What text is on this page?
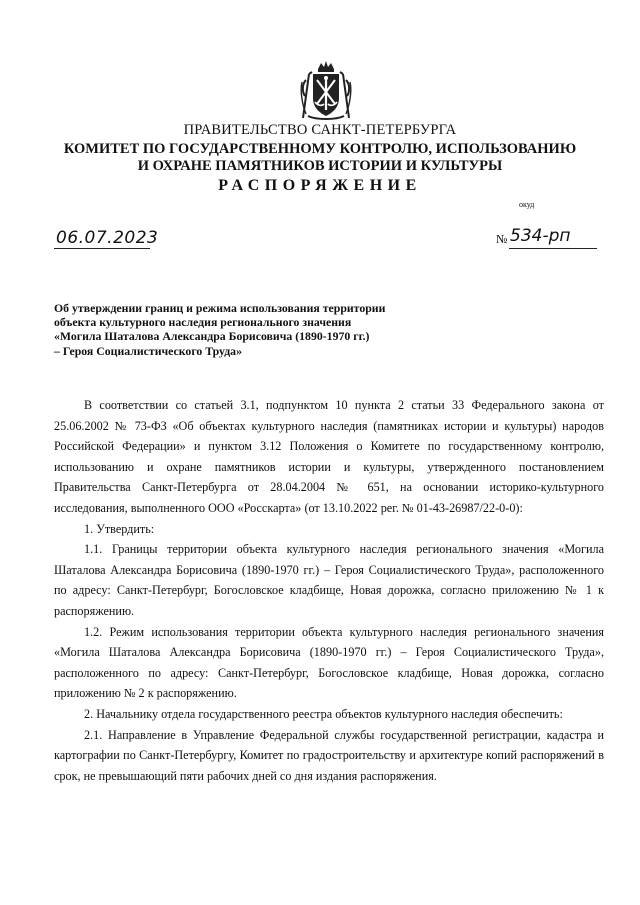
ПРАВИТЕЛЬСТВО САНКТ-ПЕТЕРБУРГА
КОМИТЕТ ПО ГОСУДАРСТВЕННОМУ КОНТРОЛЮ, ИСПОЛЬЗОВАНИЮ
И ОХРАНЕ ПАМЯТНИКОВ ИСТОРИИ И КУЛЬТУРЫ
РАСПОРЯЖЕНИЕ
окуд
06.07.2023	№ 534-рп
Об утверждении границ и режима использования территории
объекта культурного наследия регионального значения
«Могила Шаталова Александра Борисовича (1890-1970 гг.)
– Героя Социалистического Труда»
В соответствии со статьей 3.1, подпунктом 10 пункта 2 статьи 33 Федерального закона от 25.06.2002 № 73-ФЗ «Об объектах культурного наследия (памятниках истории и культуры) народов Российской Федерации» и пунктом 3.12 Положения о Комитете по государственному контролю, использованию и охране памятников истории и культуры, утвержденного постановлением Правительства Санкт-Петербурга от 28.04.2004 № 651, на основании историко-культурного исследования, выполненного ООО «Росскарта» (от 13.10.2022 рег. № 01-43-26987/22-0-0):
1. Утвердить:
1.1. Границы территории объекта культурного наследия регионального значения «Могила Шаталова Александра Борисовича (1890-1970 гг.) – Героя Социалистического Труда», расположенного по адресу: Санкт-Петербург, Богословское кладбище, Новая дорожка, согласно приложению № 1 к распоряжению.
1.2. Режим использования территории объекта культурного наследия регионального значения «Могила Шаталова Александра Борисовича (1890-1970 гг.) – Героя Социалистического Труда», расположенного по адресу: Санкт-Петербург, Богословское кладбище, Новая дорожка, согласно приложению № 2 к распоряжению.
2. Начальнику отдела государственного реестра объектов культурного наследия обеспечить:
2.1. Направление в Управление Федеральной службы государственной регистрации, кадастра и картографии по Санкт-Петербургу, Комитет по градостроительству и архитектуре копий распоряжений в срок, не превышающий пяти рабочих дней со дня издания распоряжения.
